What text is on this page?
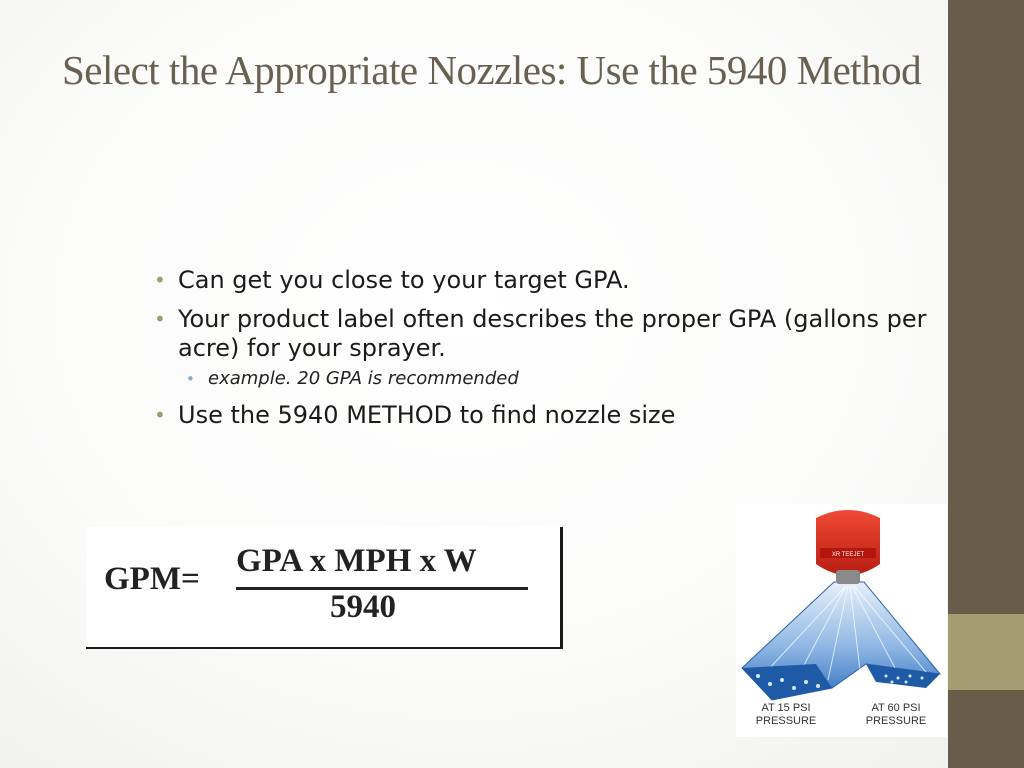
Select the Appropriate Nozzles: Use the 5940 Method
• Can get you close to your target GPA.
• Your product label often describes the proper GPA (gallons per acre) for your sprayer.
• example. 20 GPA is recommended
• Use the 5940 METHOD to find nozzle size
GPM= GPA x MPH x W
5940
XR TEEJET
AT 15 PSI PRESSURE
AT 60 PSI PRESSURE
